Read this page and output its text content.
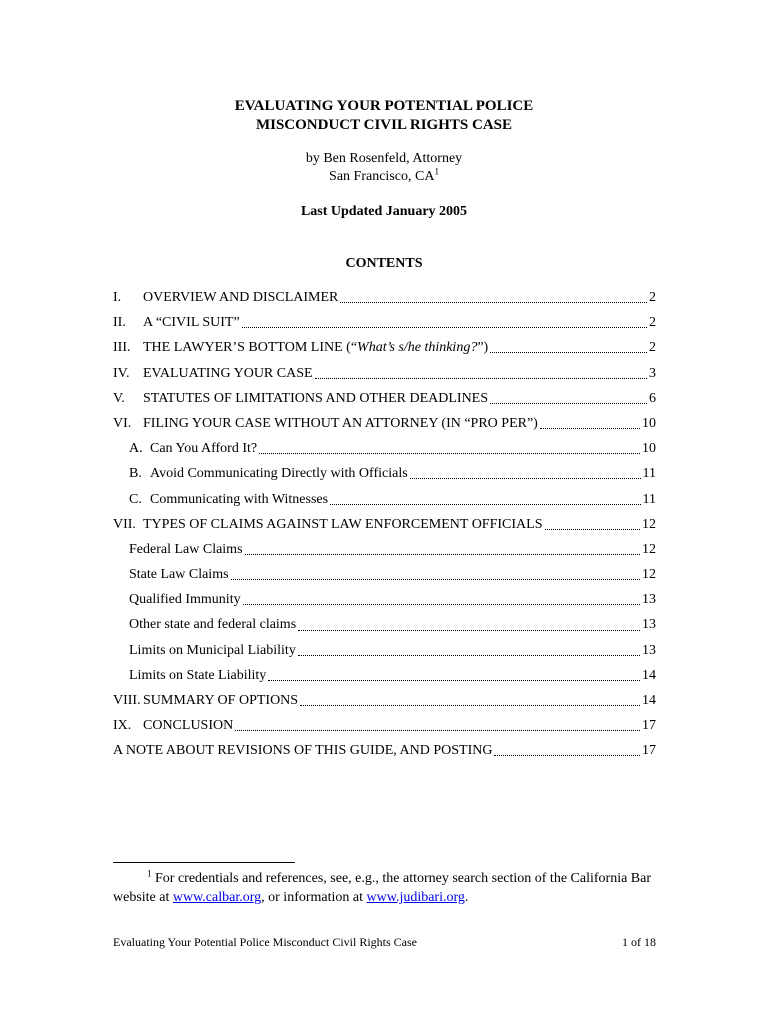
EVALUATING YOUR POTENTIAL POLICE
MISCONDUCT CIVIL RIGHTS CASE
by Ben Rosenfeld, Attorney
San Francisco, $CA^1$
Last Updated January 2005
CONTENTS
I.	OVERVIEW AND DISCLAIMER	2
II.	A “CIVIL SUIT”	2
III. THE LAWYER’S BOTTOM LINE (“What’s s/he thinking?”)	2
IV. EVALUATING YOUR CASE	3
V.	STATUTES OF LIMITATIONS AND OTHER DEADLINES	6
VI. FILING YOUR CASE WITHOUT AN ATTORNEY (IN “PRO PER”)	10
A. Can You Afford It?	10
B. Avoid Communicating Directly with Officials	11
C. Communicating with Witnesses	11
VII. TYPES OF CLAIMS AGAINST LAW ENFORCEMENT OFFICIALS	12
Federal Law Claims	12
State Law Claims	12
Qualified Immunity	13
Other state and federal claims	13
Limits on Municipal Liability	13
Limits on State Liability	14
VIII. SUMMARY OF OPTIONS	14
IX. CONCLUSION	17
A NOTE ABOUT REVISIONS OF THIS GUIDE, AND POSTING	17
$^1$ For credentials and references, see, e.g., the attorney search section of the California Bar website at www.calbar.org, or information at www.judibari.org.
Evaluating Your Potential Police Misconduct Civil Rights Case	1 of 18
